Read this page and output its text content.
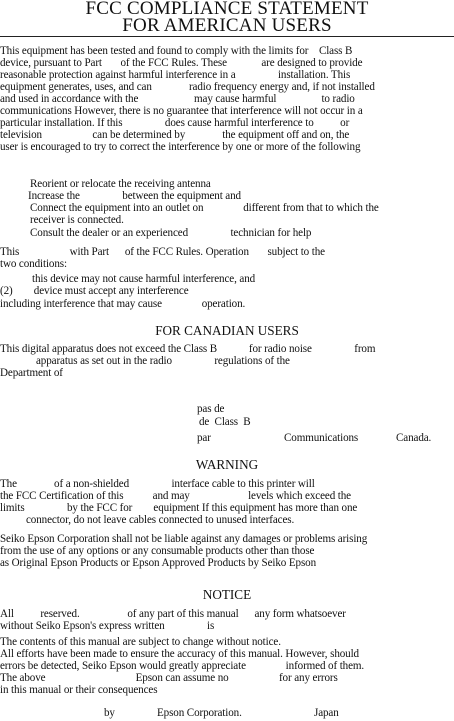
FCC COMPLIANCE STATEMENT
FOR AMERICAN USERS
This equipment has been tested and found to comply with the limits for    Class B
device, pursuant to Part       of the FCC Rules. These             are designed to provide
reasonable protection against harmful interference in a                installation. This
equipment generates, uses, and can              radio frequency energy and, if not installed
and used in accordance with the                     may cause harmful                 to radio
communications However, there is no guarantee that interference will not occur in a
particular installation. If this                does cause harmful interference to          or
television                   can be determined by              the equipment off and on, the
user is encouraged to try to correct the interference by one or more of the following
Reorient or relocate the receiving antenna
Increase the                between the equipment and
Connect the equipment into an outlet on               different from that to which the
receiver is connected.
Consult the dealer or an experienced                technician for help
This                   with Part      of the FCC Rules. Operation       subject to the
two conditions:
this device may not cause harmful interference, and
(2)        device must accept any interference
including interference that may cause               operation.
FOR CANADIAN USERS
This digital apparatus does not exceed the Class B            for radio noise                from
apparatus as set out in the radio                regulations of the
Department of
pas de
de  Class  B
par	Communications	Canada.
WARNING
The              of a non-shielded                interface cable to this printer will
the FCC Certification of this           and may                      levels which exceed the
limits                by the FCC for        equipment If this equipment has more than one
connector, do not leave cables connected to unused interfaces.
Seiko Epson Corporation shall not be liable against any damages or problems arising
from the use of any options or any consumable products other than those
as Original Epson Products or Epson Approved Products by Seiko Epson
NOTICE
All          reserved.                  of any part of this manual      any form whatsoever
without Seiko Epson's express written                is
The contents of this manual are subject to change without notice.
All efforts have been made to ensure the accuracy of this manual. However, should
errors be detected, Seiko Epson would greatly appreciate               informed of them.
The above                                  Epson can assume no                   for any errors
in this manual or their consequences
by	Epson Corporation.	Japan
